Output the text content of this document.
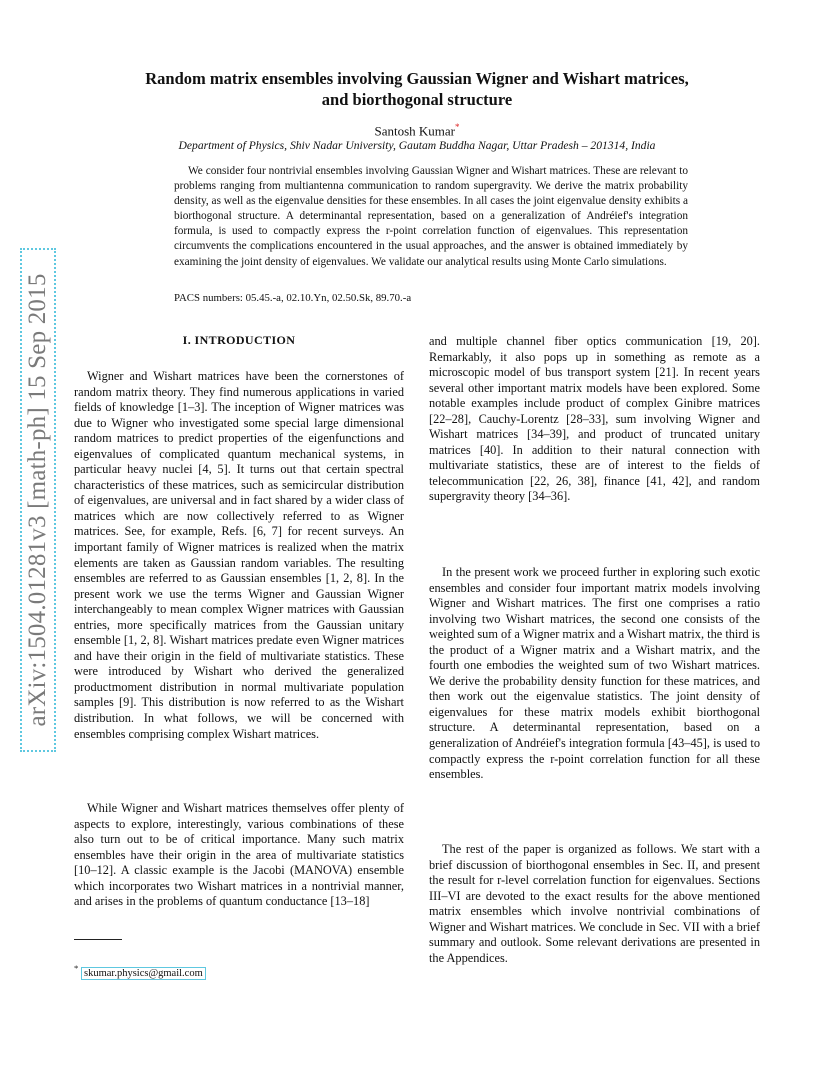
arXiv:1504.01281v3 [math-ph] 15 Sep 2015
Random matrix ensembles involving Gaussian Wigner and Wishart matrices,
and biorthogonal structure
Santosh Kumar*
Department of Physics, Shiv Nadar University, Gautam Buddha Nagar, Uttar Pradesh – 201314, India
We consider four nontrivial ensembles involving Gaussian Wigner and Wishart matrices. These are relevant to problems ranging from multiantenna communication to random supergravity. We derive the matrix probability density, as well as the eigenvalue densities for these ensembles. In all cases the joint eigenvalue density exhibits a biorthogonal structure. A determinantal representation, based on a generalization of Andréief's integration formula, is used to compactly express the r-point correlation function of eigenvalues. This representation circumvents the complications encountered in the usual approaches, and the answer is obtained immediately by examining the joint density of eigenvalues. We validate our analytical results using Monte Carlo simulations.
PACS numbers: 05.45.-a, 02.10.Yn, 02.50.Sk, 89.70.-a
I. INTRODUCTION

Wigner and Wishart matrices have been the cornerstones of random matrix theory. They find numerous applications in varied fields of knowledge [1–3]. The inception of Wigner matrices was due to Wigner who investigated some special large dimensional random matrices to predict properties of the eigenfunctions and eigenvalues of complicated quantum mechanical systems, in particular heavy nuclei [4, 5]. It turns out that certain spectral characteristics of these matrices, such as semicircular distribution of eigenvalues, are universal and in fact shared by a wider class of matrices which are now collectively referred to as Wigner matrices. See, for example, Refs. [6, 7] for recent surveys. An important family of Wigner matrices is realized when the matrix elements are taken as Gaussian random variables. The resulting ensembles are referred to as Gaussian ensembles [1, 2, 8]. In the present work we use the terms Wigner and Gaussian Wigner interchangeably to mean complex Wigner matrices with Gaussian entries, more specifically matrices from the Gaussian unitary ensemble [1, 2, 8]. Wishart matrices predate even Wigner matrices and have their origin in the field of multivariate statistics. These were introduced by Wishart who derived the generalized productmoment distribution in normal multivariate population samples [9]. This distribution is now referred to as the Wishart distribution. In what follows, we will be concerned with ensembles comprising complex Wishart matrices.

While Wigner and Wishart matrices themselves offer plenty of aspects to explore, interestingly, various combinations of these also turn out to be of critical importance. Many such matrix ensembles have their origin in the area of multivariate statistics [10–12]. A classic example is the Jacobi (MANOVA) ensemble which incorporates two Wishart matrices in a nontrivial manner, and arises in the problems of quantum conductance [13–18]

and multiple channel fiber optics communication [19, 20]. Remarkably, it also pops up in something as remote as a microscopic model of bus transport system [21]. In recent years several other important matrix models have been explored. Some notable examples include product of complex Ginibre matrices [22–28], Cauchy-Lorentz [28–33], sum involving Wigner and Wishart matrices [34–39], and product of truncated unitary matrices [40]. In addition to their natural connection with multivariate statistics, these are of interest to the fields of telecommunication [22, 26, 38], finance [41, 42], and random supergravity theory [34–36].

In the present work we proceed further in exploring such exotic ensembles and consider four important matrix models involving Wigner and Wishart matrices. The first one comprises a ratio involving two Wishart matrices, the second one consists of the weighted sum of a Wigner matrix and a Wishart matrix, the third is the product of a Wigner matrix and a Wishart matrix, and the fourth one embodies the weighted sum of two Wishart matrices. We derive the probability density function for these matrices, and then work out the eigenvalue statistics. The joint density of eigenvalues for these matrix models exhibit biorthogonal structure. A determinantal representation, based on a generalization of Andréief's integration formula [43–45], is used to compactly express the r-point correlation function for all these ensembles.

The rest of the paper is organized as follows. We start with a brief discussion of biorthogonal ensembles in Sec. II, and present the result for r-level correlation function for eigenvalues. Sections III–VI are devoted to the exact results for the above mentioned matrix ensembles which involve nontrivial combinations of Wigner and Wishart matrices. We conclude in Sec. VII with a brief summary and outlook. Some relevant derivations are presented in the Appendices.

* skumar.physics@gmail.com
